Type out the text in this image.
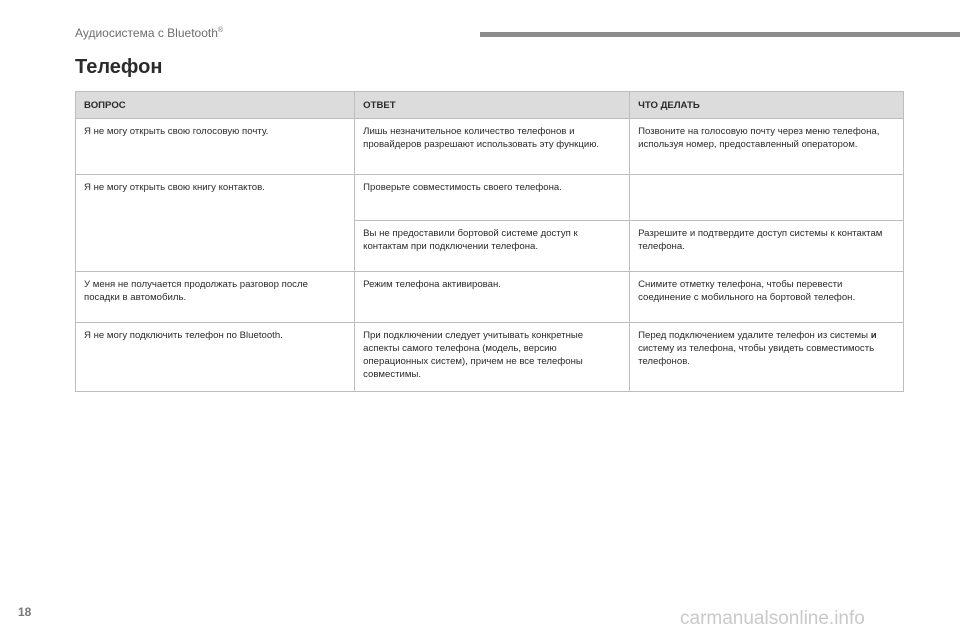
Аудиосистема с Bluetooth®
Телефон
ВОПРОС	ОТВЕТ	ЧТО ДЕЛАТЬ
Я не могу открыть свою голосовую почту.	Лишь незначительное количество телефонов и провайдеров разрешают использовать эту функцию.	Позвоните на голосовую почту через меню телефона, используя номер, предоставленный оператором.
Я не могу открыть свою книгу контактов.	Проверьте совместимость своего телефона.	
	Вы не предоставили бортовой системе доступ к контактам при подключении телефона.	Разрешите и подтвердите доступ системы к контактам телефона.
У меня не получается продолжать разговор после посадки в автомобиль.	Режим телефона активирован.	Снимите отметку телефона, чтобы перевести соединение с мобильного на бортовой телефон.
Я не могу подключить телефон по Bluetooth.	При подключении следует учитывать конкретные аспекты самого телефона (модель, версию операционных систем), причем не все телефоны совместимы.	Перед подключением удалите телефон из системы и систему из телефона, чтобы увидеть совместимость телефонов.
18	carmanualsonline.info
